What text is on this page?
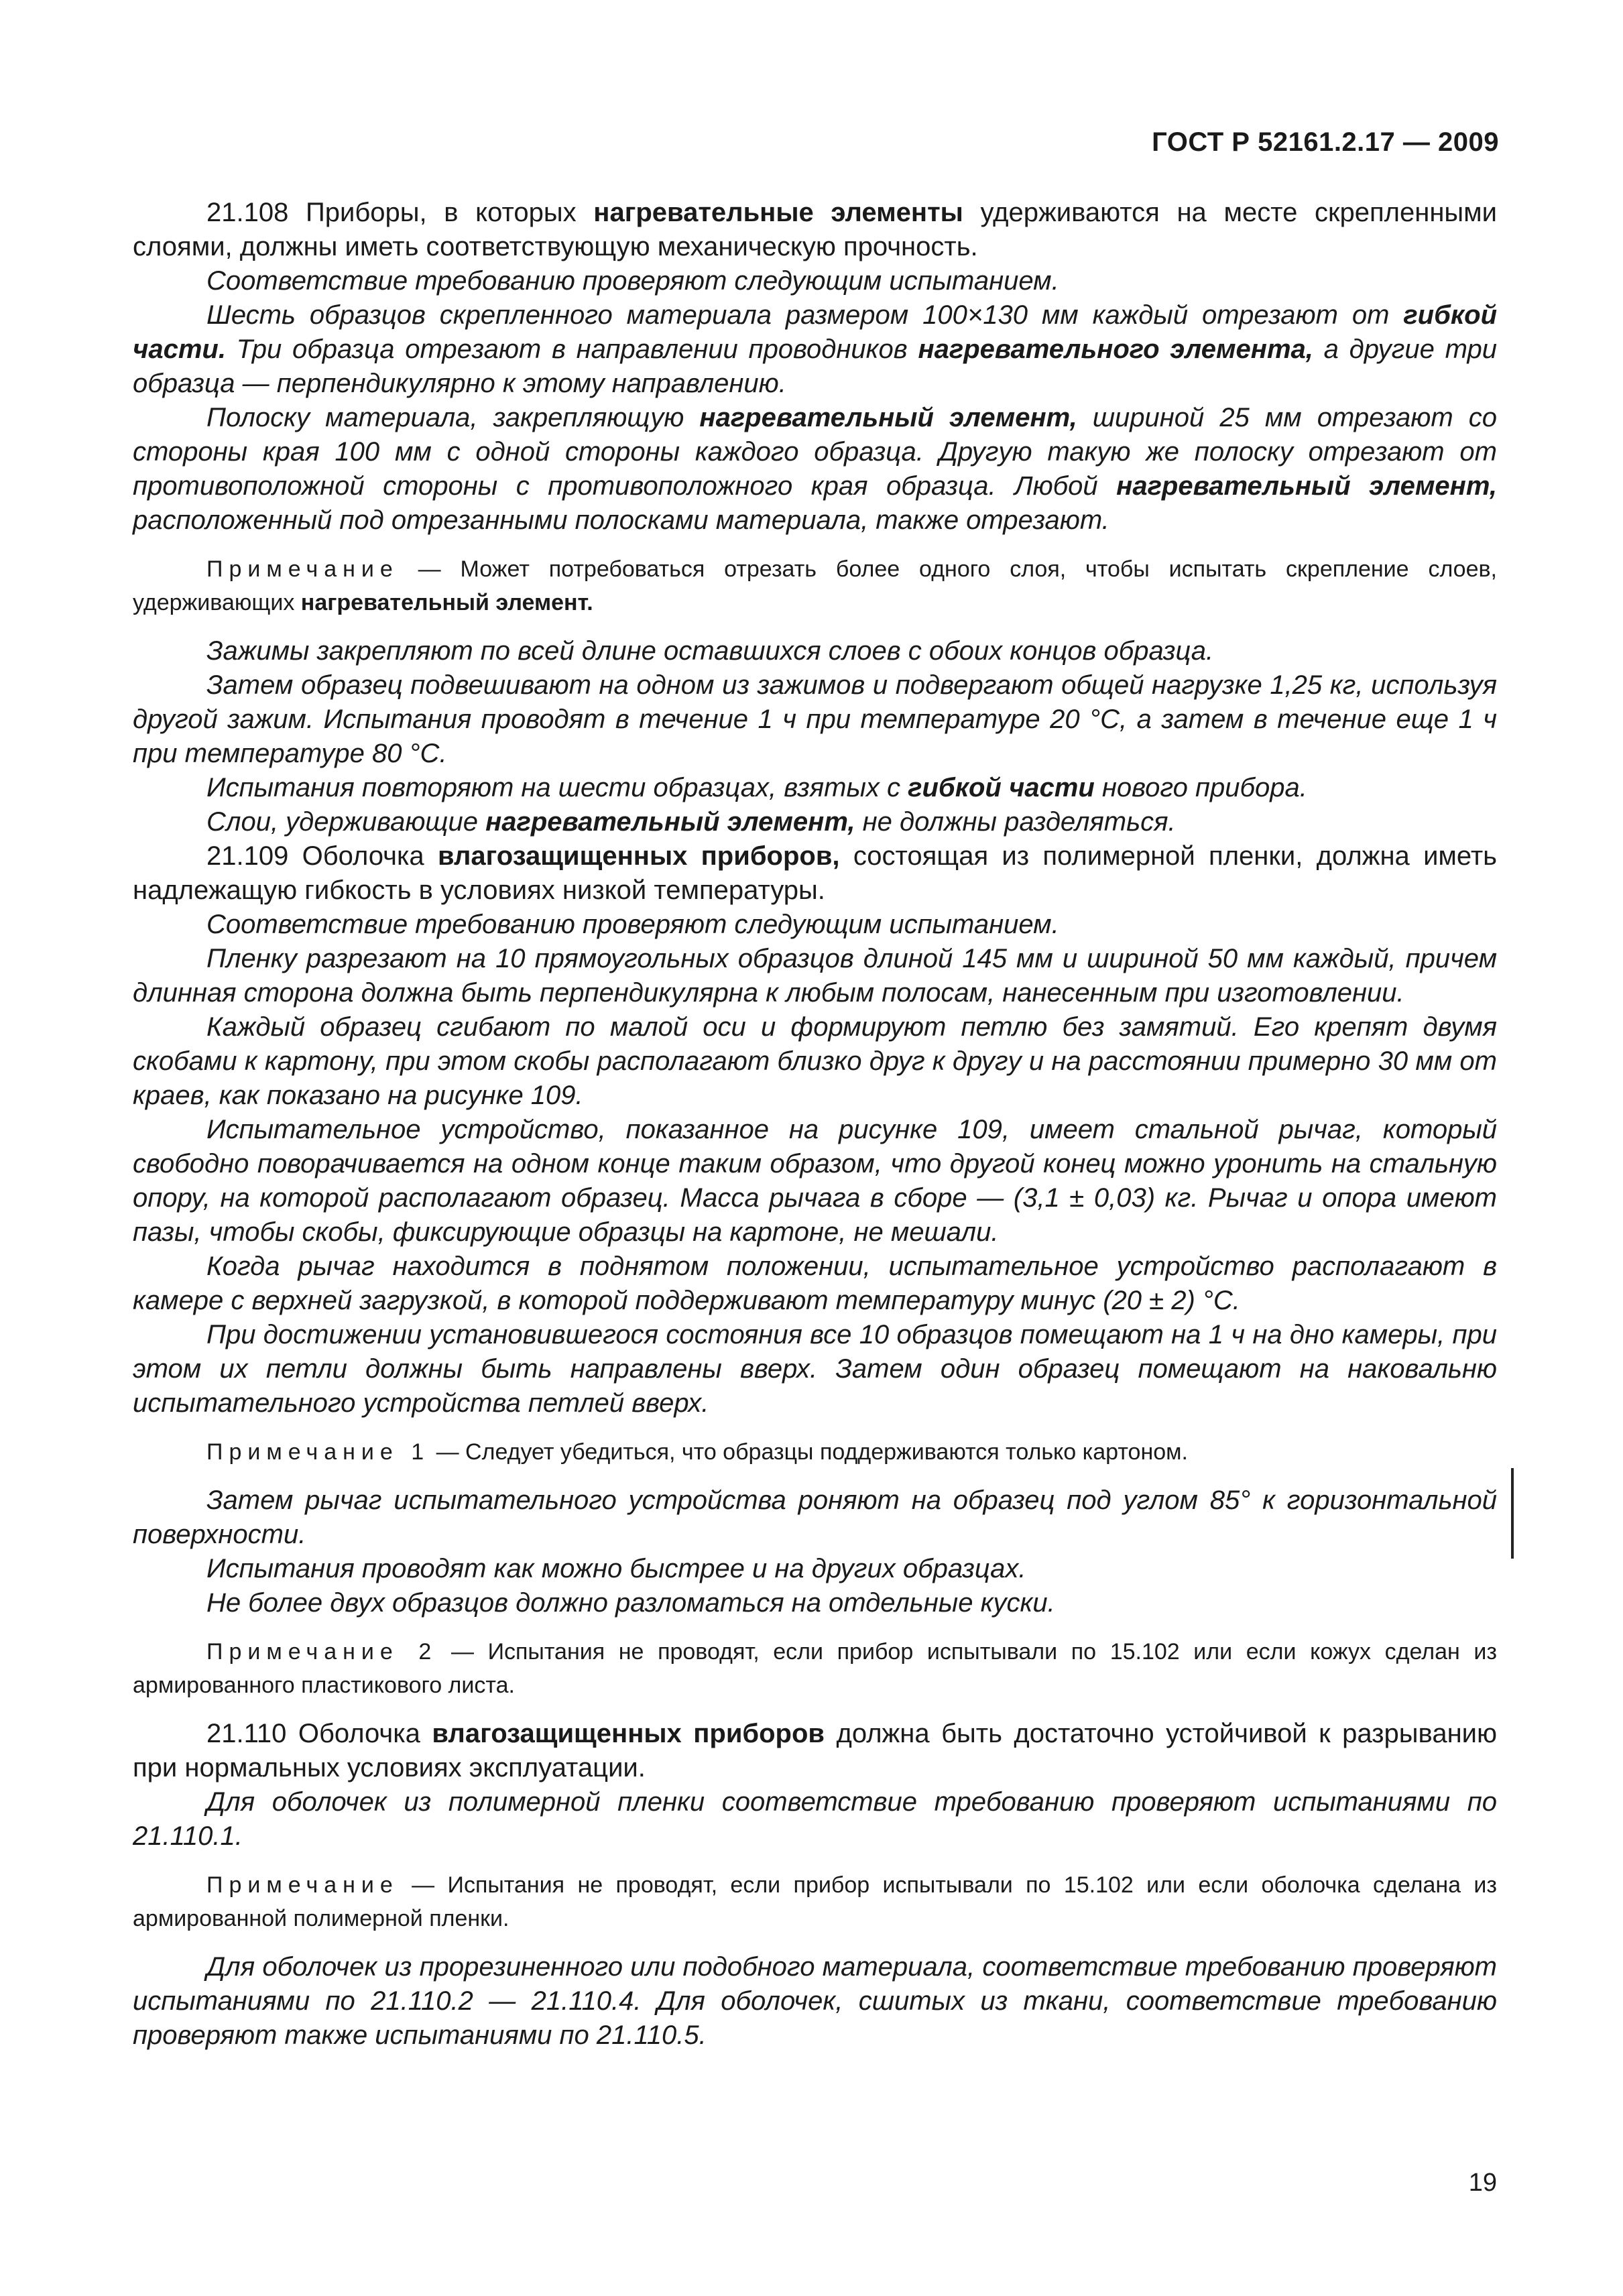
ГОСТ Р 52161.2.17 — 2009

21.108 Приборы, в которых нагревательные элементы удерживаются на месте скрепленными слоями, должны иметь соответствующую механическую прочность.

Соответствие требованию проверяют следующим испытанием.

Шесть образцов скрепленного материала размером 100×130 мм каждый отрезают от гибкой части. Три образца отрезают в направлении проводников нагревательного элемента, а другие три образца — перпендикулярно к этому направлению.

Полоску материала, закрепляющую нагревательный элемент, шириной 25 мм отрезают со стороны края 100 мм с одной стороны каждого образца. Другую такую же полоску отрезают от противоположной стороны с противоположного края образца. Любой нагревательный элемент, расположенный под отрезанными полосками материала, также отрезают.

Примечание — Может потребоваться отрезать более одного слоя, чтобы испытать скрепление слоев, удерживающих нагревательный элемент.

Зажимы закрепляют по всей длине оставшихся слоев с обоих концов образца.

Затем образец подвешивают на одном из зажимов и подвергают общей нагрузке 1,25 кг, используя другой зажим. Испытания проводят в течение 1 ч при температуре 20 °С, а затем в течение еще 1 ч при температуре 80 °С.

Испытания повторяют на шести образцах, взятых с гибкой части нового прибора.

Слои, удерживающие нагревательный элемент, не должны разделяться.

21.109 Оболочка влагозащищенных приборов, состоящая из полимерной пленки, должна иметь надлежащую гибкость в условиях низкой температуры.

Соответствие требованию проверяют следующим испытанием.

Пленку разрезают на 10 прямоугольных образцов длиной 145 мм и шириной 50 мм каждый, причем длинная сторона должна быть перпендикулярна к любым полосам, нанесенным при изготовлении.

Каждый образец сгибают по малой оси и формируют петлю без замятий. Его крепят двумя скобами к картону, при этом скобы располагают близко друг к другу и на расстоянии примерно 30 мм от краев, как показано на рисунке 109.

Испытательное устройство, показанное на рисунке 109, имеет стальной рычаг, который свободно поворачивается на одном конце таким образом, что другой конец можно уронить на стальную опору, на которой располагают образец. Масса рычага в сборе — (3,1 ± 0,03) кг. Рычаг и опора имеют пазы, чтобы скобы, фиксирующие образцы на картоне, не мешали.

Когда рычаг находится в поднятом положении, испытательное устройство располагают в камере с верхней загрузкой, в которой поддерживают температуру минус (20 ± 2) °С.

При достижении установившегося состояния все 10 образцов помещают на 1 ч на дно камеры, при этом их петли должны быть направлены вверх. Затем один образец помещают на наковальню испытательного устройства петлей вверх.

Примечание 1 — Следует убедиться, что образцы поддерживаются только картоном.

Затем рычаг испытательного устройства роняют на образец под углом 85° к горизонтальной поверхности.

Испытания проводят как можно быстрее и на других образцах.

Не более двух образцов должно разломаться на отдельные куски.

Примечание 2 — Испытания не проводят, если прибор испытывали по 15.102 или если кожух сделан из армированного пластикового листа.

21.110 Оболочка влагозащищенных приборов должна быть достаточно устойчивой к разрыванию при нормальных условиях эксплуатации.

Для оболочек из полимерной пленки соответствие требованию проверяют испытаниями по 21.110.1.

Примечание — Испытания не проводят, если прибор испытывали по 15.102 или если оболочка сделана из армированной полимерной пленки.

Для оболочек из прорезиненного или подобного материала, соответствие требованию проверяют испытаниями по 21.110.2 — 21.110.4. Для оболочек, сшитых из ткани, соответствие требованию проверяют также испытаниями по 21.110.5.

19
